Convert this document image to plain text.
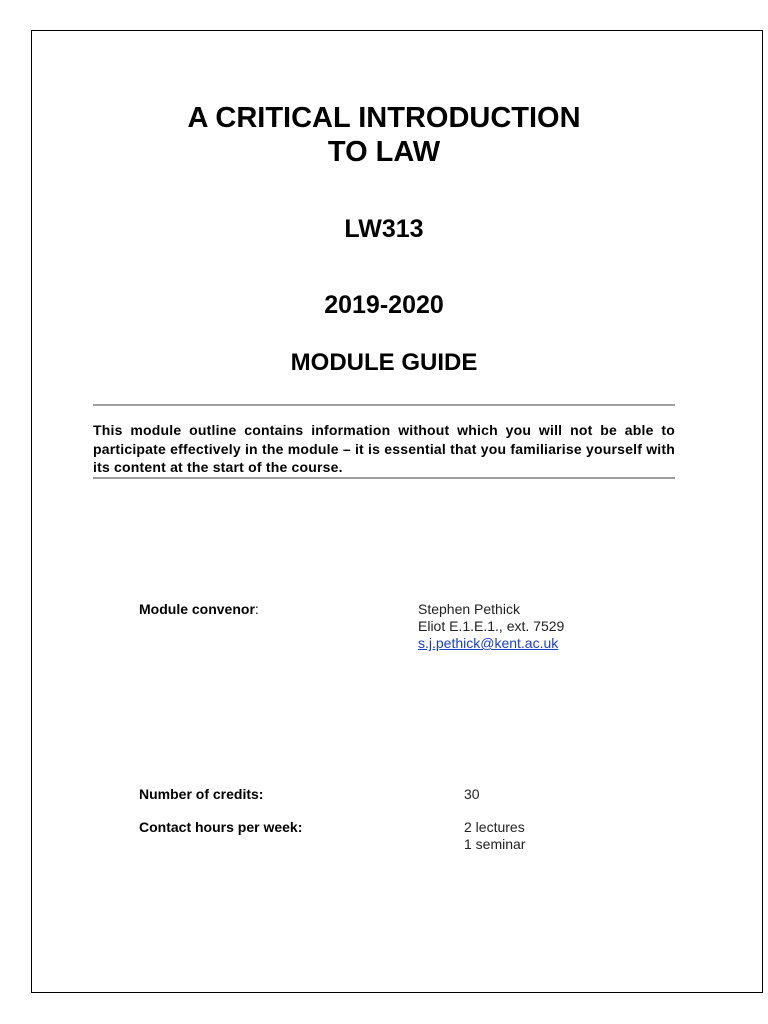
A CRITICAL INTRODUCTION
TO LAW
LW313
2019-2020
MODULE GUIDE
This module outline contains information without which you will not be able to participate effectively in the module – it is essential that you familiarise yourself with its content at the start of the course.
Module convenor:	Stephen Pethick
Eliot E.1.E.1., ext. 7529
s.j.pethick@kent.ac.uk
Number of credits:	30
Contact hours per week:	2 lectures
1 seminar
